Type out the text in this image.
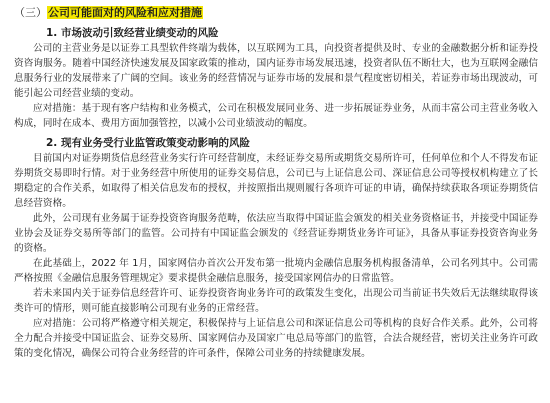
（三）公司可能面对的风险和应对措施
1. 市场波动引致经营业绩变动的风险

公司的主营业务是以证券工具型软件终端为载体，以互联网为工具，向投资者提供及时、专业的金融数据分析和证券投资咨询服务。随着中国经济快速发展及国家政策的推动，国内证券市场发展迅速，投资者队伍不断壮大，也为互联网金融信息服务行业的发展带来了广阔的空间。该业务的经营情况与证券市场的发展和景气程度密切相关，若证券市场出现波动，可能引起公司经营业绩的变动。

应对措施：基于现有客户结构和业务模式，公司在积极发展同业务、进一步拓展证券业务，从而丰富公司主营业务收入构成，同时在成本、费用方面加强管控，以减小公司业绩波动的幅度。

2. 现有业务受行业监管政策变动影响的风险

目前国内对证券期货信息经营业务实行许可经营制度，未经证券交易所或期货交易所许可，任何单位和个人不得发布证券期货交易即时行情。对于业务经营中所使用的证券交易信息，公司已与上证信息公司、深证信息公司等授权机构建立了长期稳定的合作关系，如取得了相关信息发布的授权，并按照指出规则履行各项许可证的申请，确保持续获取各项证券期货信息经营资格。

此外，公司现有业务属于证券投资咨询服务范畴，依法应当取得中国证监会颁发的相关业务资格证书，并接受中国证券业协会及证券交易所等部门的监管。公司持有中国证监会颁发的《经营证券期货业务许可证》，具备从事证券投资咨询业务的资格。

在此基础上，2022 年 1月，国家网信办首次公开发布第一批境内金融信息服务机构报备清单，公司名列其中。公司需严格按照《金融信息服务管理规定》要求提供金融信息服务，接受国家网信办的日常监管。

若未来国内关于证券信息经营许可、证券投资咨询业务许可的政策发生变化，出现公司当前证书失效后无法继续取得该类许可的情形，则可能直接影响公司现有业务的正常经营。

应对措施：公司将严格遵守相关规定，积极保持与上证信息公司和深证信息公司等机构的良好合作关系。此外，公司将全力配合并接受中国证监会、证券交易所、国家网信办及国家广电总局等部门的监管，合法合规经营，密切关注业务许可政策的变化情况，确保公司符合业务经营的许可条件，保障公司业务的持续健康发展。
